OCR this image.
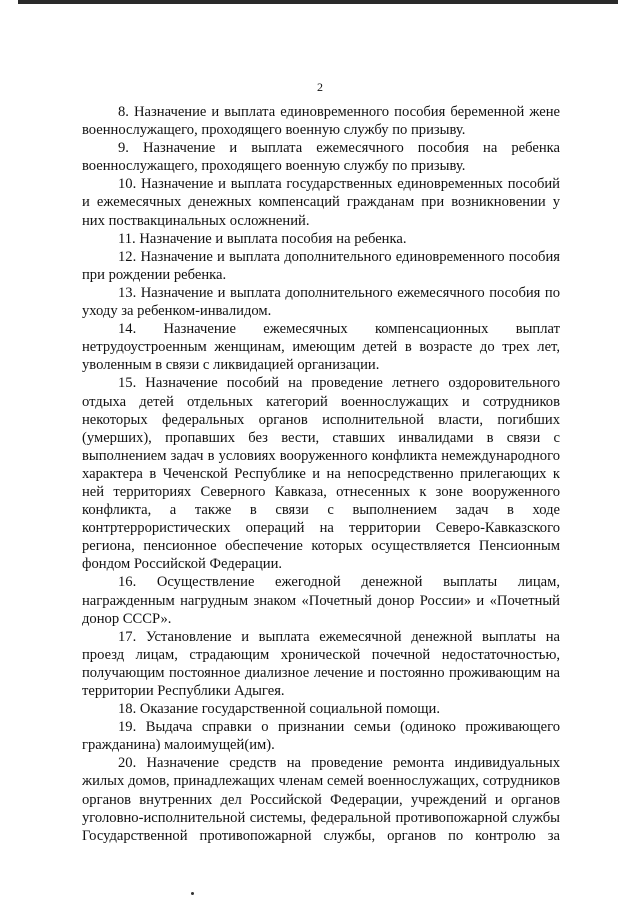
2

8. Назначение и выплата единовременного пособия беременной жене военнослужащего, проходящего военную службу по призыву.

9. Назначение и выплата ежемесячного пособия на ребенка военнослужащего, проходящего военную службу по призыву.

10. Назначение и выплата государственных единовременных пособий и ежемесячных денежных компенсаций гражданам при возникновении у них поствакцинальных осложнений.

11. Назначение и выплата пособия на ребенка.

12. Назначение и выплата дополнительного единовременного пособия при рождении ребенка.

13. Назначение и выплата дополнительного ежемесячного пособия по уходу за ребенком-инвалидом.

14. Назначение ежемесячных компенсационных выплат нетрудоустроенным женщинам, имеющим детей в возрасте до трех лет, уволенным в связи с ликвидацией организации.

15. Назначение пособий на проведение летнего оздоровительного отдыха детей отдельных категорий военнослужащих и сотрудников некоторых федеральных органов исполнительной власти, погибших (умерших), пропавших без вести, ставших инвалидами в связи с выполнением задач в условиях вооруженного конфликта немеждународного характера в Чеченской Республике и на непосредственно прилегающих к ней территориях Северного Кавказа, отнесенных к зоне вооруженного конфликта, а также в связи с выполнением задач в ходе контртеррористических операций на территории Северо-Кавказского региона, пенсионное обеспечение которых осуществляется Пенсионным фондом Российской Федерации.

16. Осуществление ежегодной денежной выплаты лицам, награжденным нагрудным знаком «Почетный донор России» и «Почетный донор СССР».

17. Установление и выплата ежемесячной денежной выплаты на проезд лицам, страдающим хронической почечной недостаточностью, получающим постоянное диализное лечение и постоянно проживающим на территории Республики Адыгея.

18. Оказание государственной социальной помощи.

19. Выдача справки о признании семьи (одиноко проживающего гражданина) малоимущей(им).

20. Назначение средств на проведение ремонта индивидуальных жилых домов, принадлежащих членам семей военнослужащих, сотрудников органов внутренних дел Российской Федерации, учреждений и органов уголовно-исполнительной системы, федеральной противопожарной службы Государственной противопожарной службы, органов по контролю за
